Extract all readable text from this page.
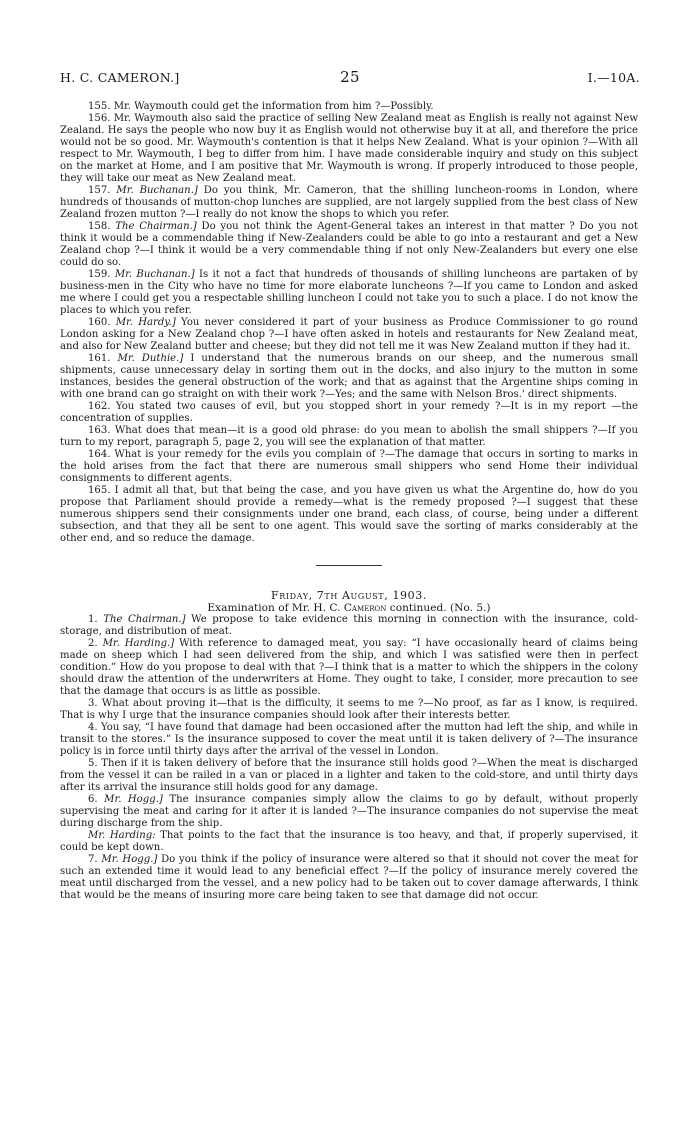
H. C. CAMERON.]	25	I.—10A.

155. Mr. Waymouth could get the information from him ?—Possibly.

156. Mr. Waymouth also said the practice of selling New Zealand meat as English is really not against New Zealand. He says the people who now buy it as English would not otherwise buy it at all, and therefore the price would not be so good. Mr. Waymouth's contention is that it helps New Zealand. What is your opinion ?—With all respect to Mr. Waymouth, I beg to differ from him. I have made considerable inquiry and study on this subject on the market at Home, and I am positive that Mr. Waymouth is wrong. If properly introduced to those people, they will take our meat as New Zealand meat.

157. Mr. Buchanan.] Do you think, Mr. Cameron, that the shilling luncheon-rooms in London, where hundreds of thousands of mutton-chop lunches are supplied, are not largely supplied from the best class of New Zealand frozen mutton ?—I really do not know the shops to which you refer.

158. The Chairman.] Do you not think the Agent-General takes an interest in that matter ? Do you not think it would be a commendable thing if New-Zealanders could be able to go into a restaurant and get a New Zealand chop ?—I think it would be a very commendable thing if not only New-Zealanders but every one else could do so.

159. Mr. Buchanan.] Is it not a fact that hundreds of thousands of shilling luncheons are partaken of by business-men in the City who have no time for more elaborate luncheons ?—If you came to London and asked me where I could get you a respectable shilling luncheon I could not take you to such a place. I do not know the places to which you refer.

160. Mr. Hardy.] You never considered it part of your business as Produce Commissioner to go round London asking for a New Zealand chop ?—I have often asked in hotels and restaurants for New Zealand meat, and also for New Zealand butter and cheese; but they did not tell me it was New Zealand mutton if they had it.

161. Mr. Duthie.] I understand that the numerous brands on our sheep, and the numerous small shipments, cause unnecessary delay in sorting them out in the docks, and also injury to the mutton in some instances, besides the general obstruction of the work; and that as against that the Argentine ships coming in with one brand can go straight on with their work ?—Yes; and the same with Nelson Bros.' direct shipments.

162. You stated two causes of evil, but you stopped short in your remedy ?—It is in my report —the concentration of supplies.

163. What does that mean—it is a good old phrase: do you mean to abolish the small shippers ?—If you turn to my report, paragraph 5, page 2, you will see the explanation of that matter.

164. What is your remedy for the evils you complain of ?—The damage that occurs in sorting to marks in the hold arises from the fact that there are numerous small shippers who send Home their individual consignments to different agents.

165. I admit all that, but that being the case, and you have given us what the Argentine do, how do you propose that Parliament should provide a remedy—what is the remedy proposed ?—I suggest that these numerous shippers send their consignments under one brand, each class, of course, being under a different subsection, and that they all be sent to one agent. This would save the sorting of marks considerably at the other end, and so reduce the damage.

Friday, 7th August, 1903.

Examination of Mr. H. C. Cameron continued. (No. 5.)

1. The Chairman.] We propose to take evidence this morning in connection with the insurance, cold-storage, and distribution of meat.

2. Mr. Harding.] With reference to damaged meat, you say: “I have occasionally heard of claims being made on sheep which I had seen delivered from the ship, and which I was satisfied were then in perfect condition.” How do you propose to deal with that ?—I think that is a matter to which the shippers in the colony should draw the attention of the underwriters at Home. They ought to take, I consider, more precaution to see that the damage that occurs is as little as possible.

3. What about proving it—that is the difficulty, it seems to me ?—No proof, as far as I know, is required. That is why I urge that the insurance companies should look after their interests better.

4. You say, “I have found that damage had been occasioned after the mutton had left the ship, and while in transit to the stores.” Is the insurance supposed to cover the meat until it is taken delivery of ?—The insurance policy is in force until thirty days after the arrival of the vessel in London.

5. Then if it is taken delivery of before that the insurance still holds good ?—When the meat is discharged from the vessel it can be railed in a van or placed in a lighter and taken to the cold-store, and until thirty days after its arrival the insurance still holds good for any damage.

6. Mr. Hogg.] The insurance companies simply allow the claims to go by default, without properly supervising the meat and caring for it after it is landed ?—The insurance companies do not supervise the meat during discharge from the ship.

Mr. Harding: That points to the fact that the insurance is too heavy, and that, if properly supervised, it could be kept down.

7. Mr. Hogg.] Do you think if the policy of insurance were altered so that it should not cover the meat for such an extended time it would lead to any beneficial effect ?—If the policy of insurance merely covered the meat until discharged from the vessel, and a new policy had to be taken out to cover damage afterwards, I think that would be the means of insuring more care being taken to see that damage did not occur.
